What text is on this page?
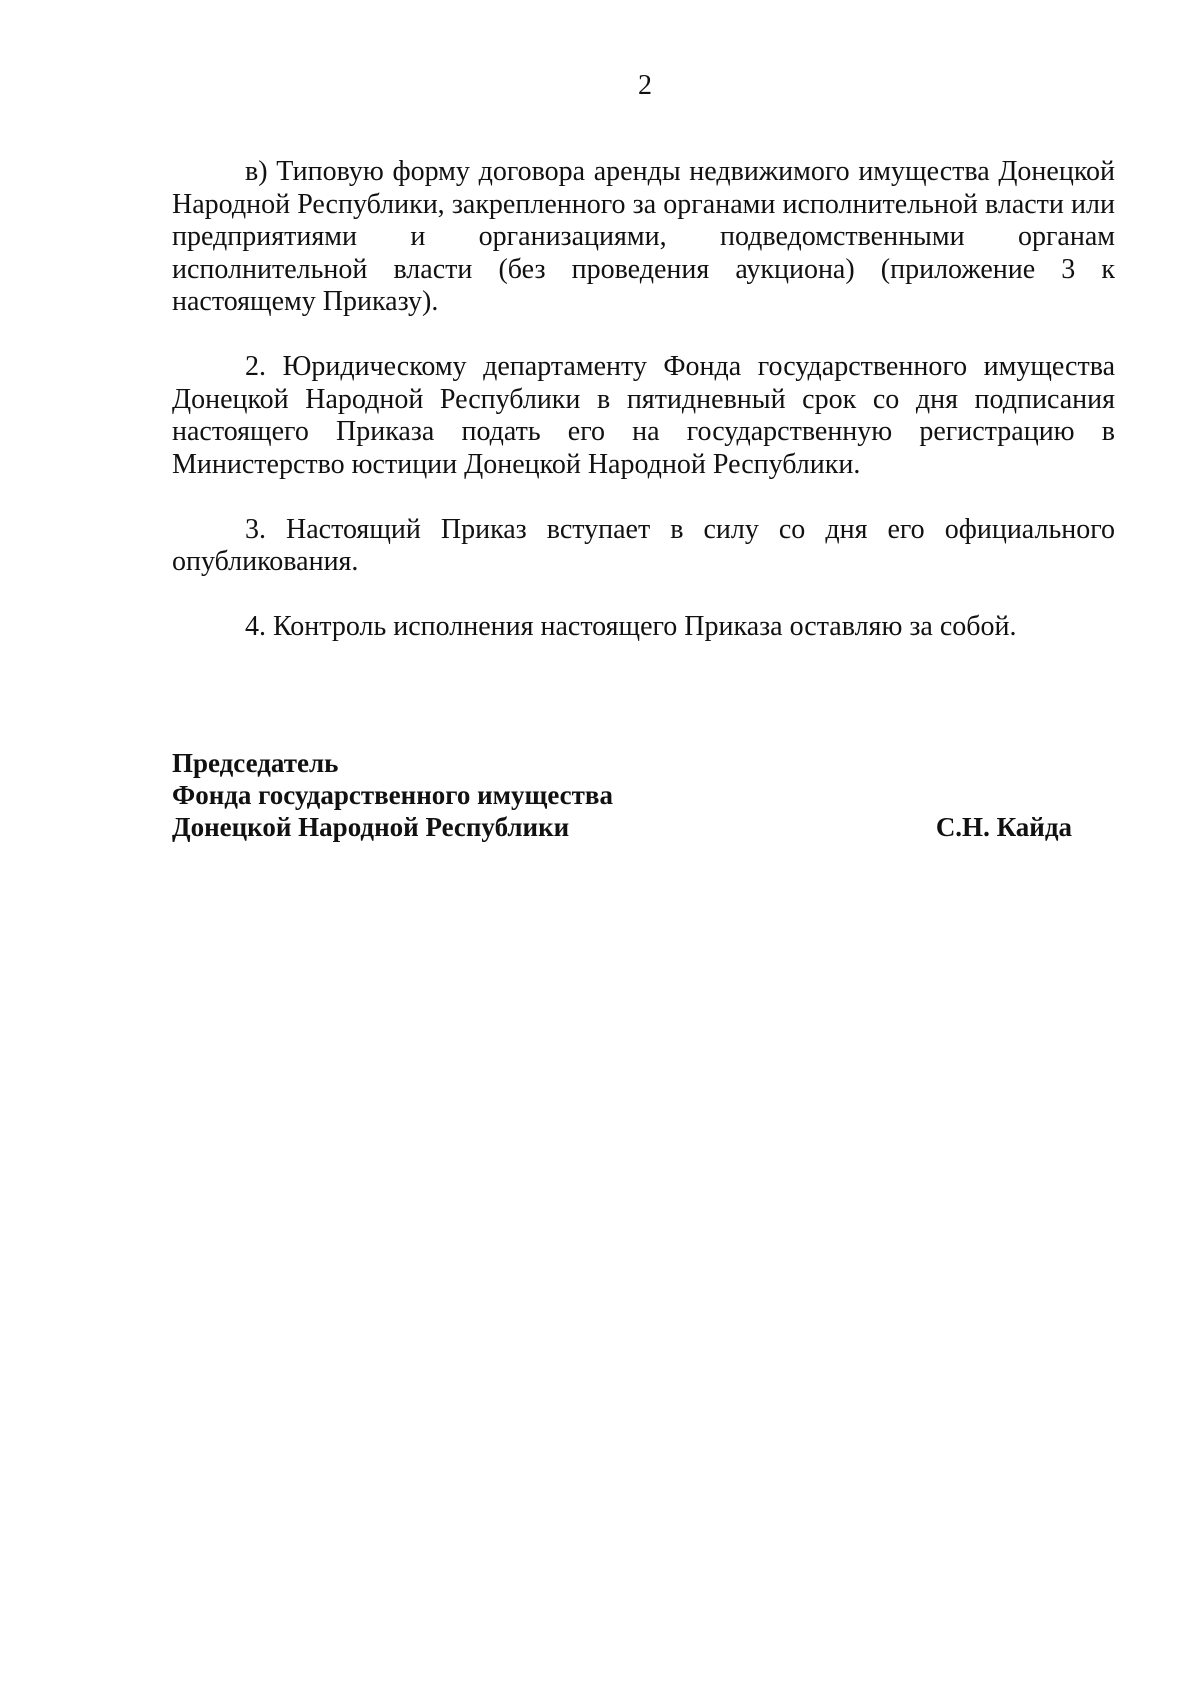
2

в) Типовую форму договора аренды недвижимого имущества Донецкой Народной Республики, закрепленного за органами исполнительной власти или предприятиями и организациями, подведомственными органам исполнительной власти (без проведения аукциона) (приложение 3 к настоящему Приказу).

2. Юридическому департаменту Фонда государственного имущества Донецкой Народной Республики в пятидневный срок со дня подписания настоящего Приказа подать его на государственную регистрацию в Министерство юстиции Донецкой Народной Республики.

3. Настоящий Приказ вступает в силу со дня его официального опубликования.

4. Контроль исполнения настоящего Приказа оставляю за собой.

Председатель
Фонда государственного имущества
Донецкой Народной Республики	С.Н. Кайда
